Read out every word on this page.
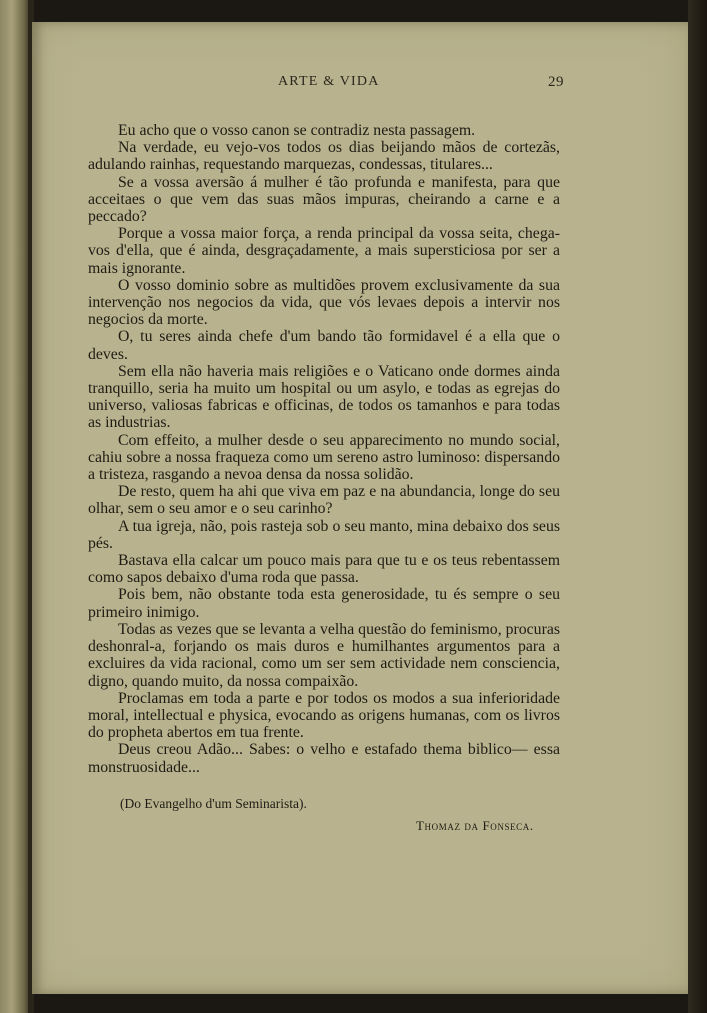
ARTE & VIDA	29

Eu acho que o vosso canon se contradiz nesta passagem.

Na verdade, eu vejo-vos todos os dias beijando mãos de cortezãs, adulando rainhas, requestando marquezas, condessas, titulares...

Se a vossa aversão á mulher é tão profunda e manifesta, para que acceitaes o que vem das suas mãos impuras, cheirando a carne e a peccado?

Porque a vossa maior força, a renda principal da vossa seita, chega-vos d'ella, que é ainda, desgraçadamente, a mais supersticiosa por ser a mais ignorante.

O vosso dominio sobre as multidões provem exclusivamente da sua intervenção nos negocios da vida, que vós levaes depois a intervir nos negocios da morte.

O, tu seres ainda chefe d'um bando tão formidavel é a ella que o deves.

Sem ella não haveria mais religiões e o Vaticano onde dormes ainda tranquillo, seria ha muito um hospital ou um asylo, e todas as egrejas do universo, valiosas fabricas e officinas, de todos os tamanhos e para todas as industrias.

Com effeito, a mulher desde o seu apparecimento no mundo social, cahiu sobre a nossa fraqueza como um sereno astro luminoso: dispersando a tristeza, rasgando a nevoa densa da nossa solidão.

De resto, quem ha ahi que viva em paz e na abundancia, longe do seu olhar, sem o seu amor e o seu carinho?

A tua igreja, não, pois rasteja sob o seu manto, mina debaixo dos seus pés.

Bastava ella calcar um pouco mais para que tu e os teus rebentassem como sapos debaixo d'uma roda que passa.

Pois bem, não obstante toda esta generosidade, tu és sempre o seu primeiro inimigo.

Todas as vezes que se levanta a velha questão do feminismo, procuras deshonral-a, forjando os mais duros e humilhantes argumentos para a excluires da vida racional, como um ser sem actividade nem consciencia, digno, quando muito, da nossa compaixão.

Proclamas em toda a parte e por todos os modos a sua inferioridade moral, intellectual e physica, evocando as origens humanas, com os livros do propheta abertos em tua frente.

Deus creou Adão... Sabes: o velho e estafado thema biblico— essa monstruosidade...

(Do Evangelho d'um Seminarista).
Thomaz da Fonseca.
